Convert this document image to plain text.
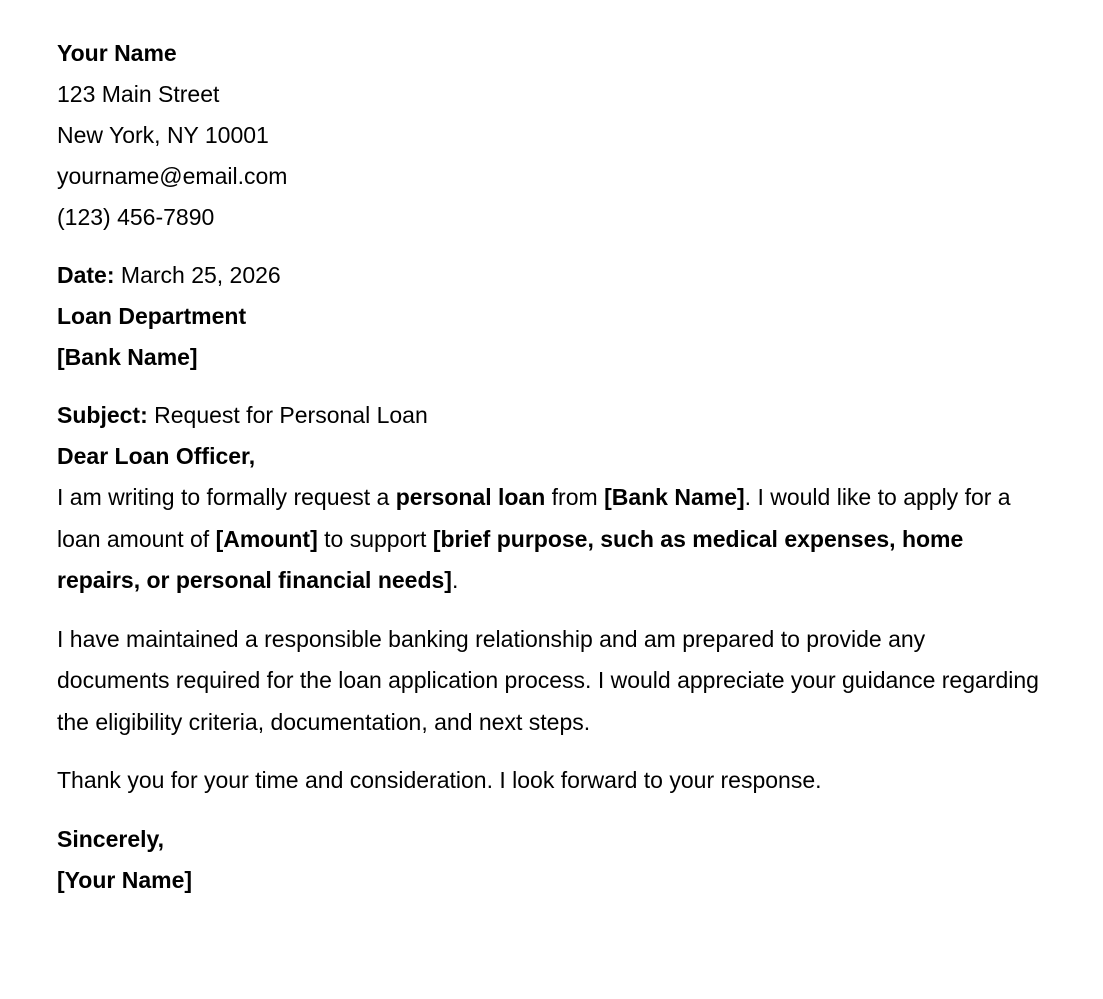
Your Name

123 Main Street

New York, NY 10001

yourname@email.com

(123) 456-7890

Date: March 25, 2026

Loan Department

[Bank Name]

Subject: Request for Personal Loan

Dear Loan Officer,

I am writing to formally request a personal loan from [Bank Name]. I would like to apply for a loan amount of [Amount] to support [brief purpose, such as medical expenses, home repairs, or personal financial needs].

I have maintained a responsible banking relationship and am prepared to provide any documents required for the loan application process. I would appreciate your guidance regarding the eligibility criteria, documentation, and next steps.

Thank you for your time and consideration. I look forward to your response.

Sincerely,

[Your Name]
